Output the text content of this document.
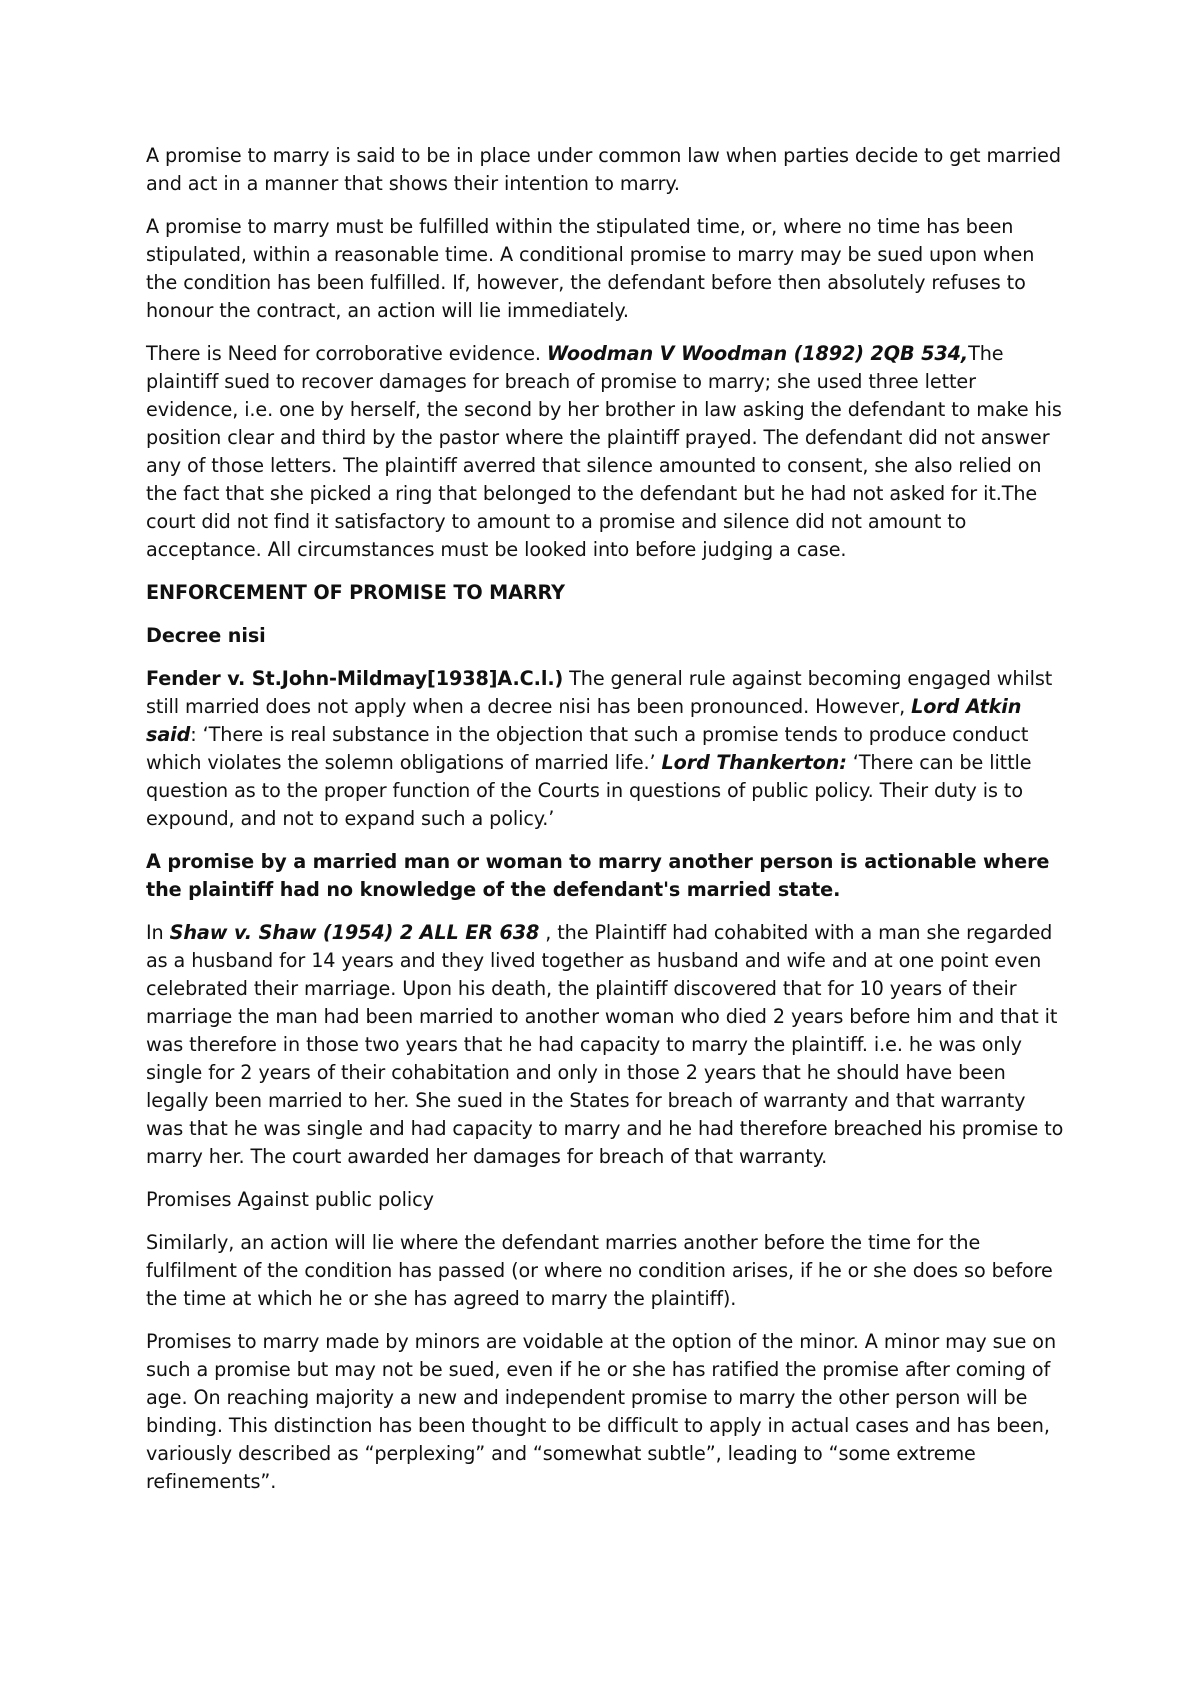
A promise to marry is said to be in place under common law when parties decide to get married and act in a manner that shows their intention to marry.

A promise to marry must be fulfilled within the stipulated time, or, where no time has been stipulated, within a reasonable time. A conditional promise to marry may be sued upon when the condition has been fulfilled. If, however, the defendant before then absolutely refuses to honour the contract, an action will lie immediately.

There is Need for corroborative evidence. Woodman V Woodman (1892) 2QB 534,The plaintiff sued to recover damages for breach of promise to marry; she used three letter evidence, i.e. one by herself, the second by her brother in law asking the defendant to make his position clear and third by the pastor where the plaintiff prayed. The defendant did not answer any of those letters. The plaintiff averred that silence amounted to consent, she also relied on the fact that she picked a ring that belonged to the defendant but he had not asked for it.The court did not find it satisfactory to amount to a promise and silence did not amount to acceptance. All circumstances must be looked into before judging a case.

ENFORCEMENT OF PROMISE TO MARRY

Decree nisi

Fender v. St.John-Mildmay[1938]A.C.l.) The general rule against becoming engaged whilst still married does not apply when a decree nisi has been pronounced. However, Lord Atkin said: ‘There is real substance in the objection that such a promise tends to produce conduct which violates the solemn obligations of married life.’ Lord Thankerton: ‘There can be little question as to the proper function of the Courts in questions of public policy. Their duty is to expound, and not to expand such a policy.’

A promise by a married man or woman to marry another person is actionable where the plaintiff had no knowledge of the defendant's married state.

In Shaw v. Shaw (1954) 2 ALL ER 638 , the Plaintiff had cohabited with a man she regarded as a husband for 14 years and they lived together as husband and wife and at one point even celebrated their marriage. Upon his death, the plaintiff discovered that for 10 years of their marriage the man had been married to another woman who died 2 years before him and that it was therefore in those two years that he had capacity to marry the plaintiff. i.e. he was only single for 2 years of their cohabitation and only in those 2 years that he should have been legally been married to her. She sued in the States for breach of warranty and that warranty was that he was single and had capacity to marry and he had therefore breached his promise to marry her. The court awarded her damages for breach of that warranty.

Promises Against public policy

Similarly, an action will lie where the defendant marries another before the time for the fulfilment of the condition has passed (or where no condition arises, if he or she does so before the time at which he or she has agreed to marry the plaintiff).

Promises to marry made by minors are voidable at the option of the minor. A minor may sue on such a promise but may not be sued, even if he or she has ratified the promise after coming of age. On reaching majority a new and independent promise to marry the other person will be binding. This distinction has been thought to be difficult to apply in actual cases and has been, variously described as “perplexing” and “somewhat subtle”, leading to “some extreme refinements”.
